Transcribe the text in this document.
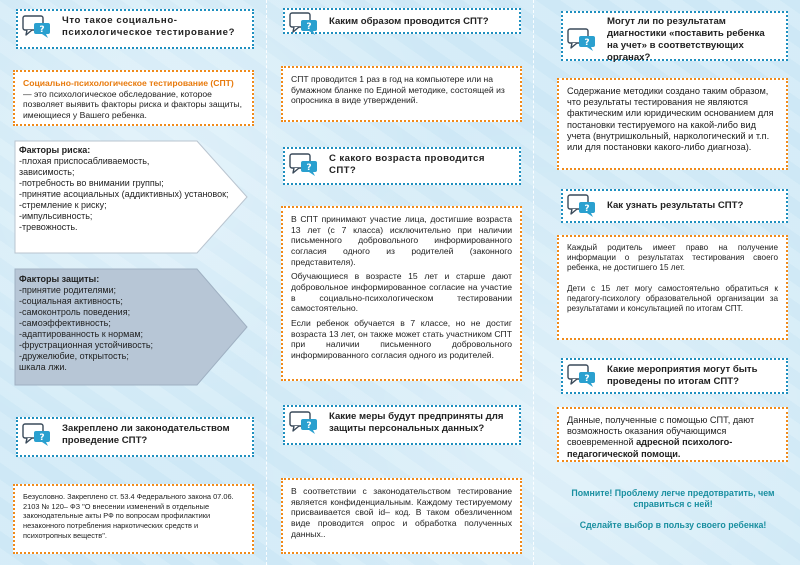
?
Что такое социально-психологическое тестирование?

Социально-психологическое тестирование (СПТ) — это психологическое обследование, которое позволяет выявить факторы риска и факторы защиты, имеющиеся у Вашего ребенка.

Факторы риска:

-плохая приспосабливаемость,

зависимость;

-потребность во внимании группы;

-принятие асоциальных (аддиктивных) установок;

-стремление к риску;

-импульсивность;

-тревожность.

Факторы защиты:

-принятие родителями;

-социальная активность;

-самоконтроль поведения;

-самоэффективность;

-адаптированность к нормам;

-фрустрационная устойчивость;

-дружелюбие, открытость;

шкала лжи.

?
Закреплено ли законодательством проведение СПТ?

Безусловно. Закреплено ст. 53.4 Федерального закона 07.06. 2103 № 120– ФЗ "О внесении изменений в отдельные законодательные акты РФ по вопросам профилактики незаконного потребления наркотических средств и психотропных веществ".

? Каким образом проводится СПТ?

СПТ проводится 1 раз в год на компьютере или на бумажном бланке по Единой методике, состоящей из опросника в виде утверждений.

?
С какого возраста проводится СПТ?

В СПТ принимают участие лица, достигшие возраста 13 лет (с 7 класса) исключительно при наличии письменного добровольного информированного согласия одного из родителей (законного представителя).

Обучающиеся в возрасте 15 лет и старше дают добровольное информированное согласие на участие в социально-психологическом тестировании самостоятельно.

Если ребенок обучается в 7 классе, но не достиг возраста 13 лет, он также может стать участником СПТ при наличии письменного добровольного информированного согласия одного из родителей.

?
Какие меры будут предприняты для защиты персональных данных?

В соответствии с законодательством тестирование является конфиденциальным. Каждому тестируемому присваивается свой id– код. В таком обезличенном виде проводится опрос и обработка полученных данных..

?
Могут ли по результатам диагностики «поставить ребенка на учет» в соответствующих органах?

Содержание методики создано таким образом, что результаты тестирования не являются фактическим или юридическим основанием для постановки тестируемого на какой-либо вид учета (внутришкольный, наркологический и т.п. или для постановки какого-либо диагноза).

? Как узнать результаты СПТ?

Каждый родитель имеет право на получение информации о результатах тестирования своего ребенка, не достигшего 15 лет.

Дети с 15 лет могу самостоятельно обратиться к педагогу-психологу образовательной организации за результатами и консультацией по итогам СПТ.

?
Какие мероприятия могут быть проведены по итогам СПТ?

Данные, полученные с помощью СПТ, дают возможность оказания обучающимся своевременной адресной психолого-педагогической помощи.

Помните! Проблему легче предотвратить, чем справиться с ней!
Сделайте выбор в пользу своего ребенка!
